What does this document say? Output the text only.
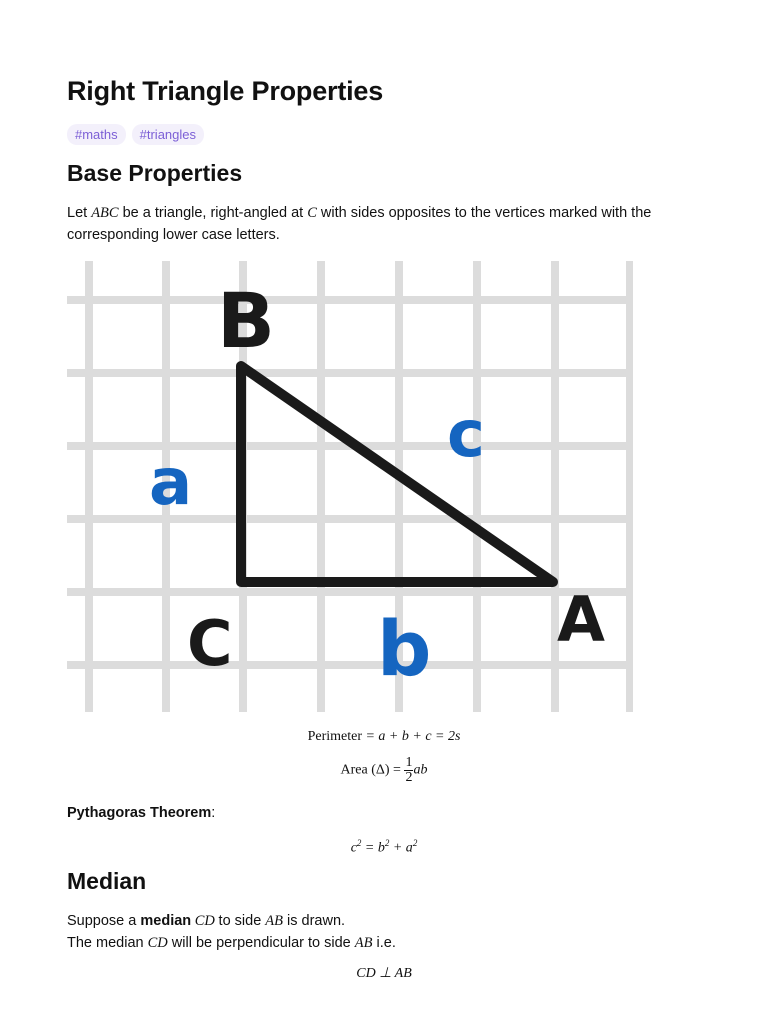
Right Triangle Properties
#maths	#triangles
Base Properties

Let ABC be a triangle, right-angled at C with sides opposites to the vertices marked with the corresponding lower case letters.

B
A
C
a
c
b
Perimeter = a + b + c = 2s
Area $(\Delta) = \frac{1}{2}$ ab

Pythagoras Theorem:

$c^2 = b^2 + a^2$
Median

Suppose a median CD to side AB is drawn.

The median CD will be perpendicular to side AB i.e.

CD ⊥ AB
